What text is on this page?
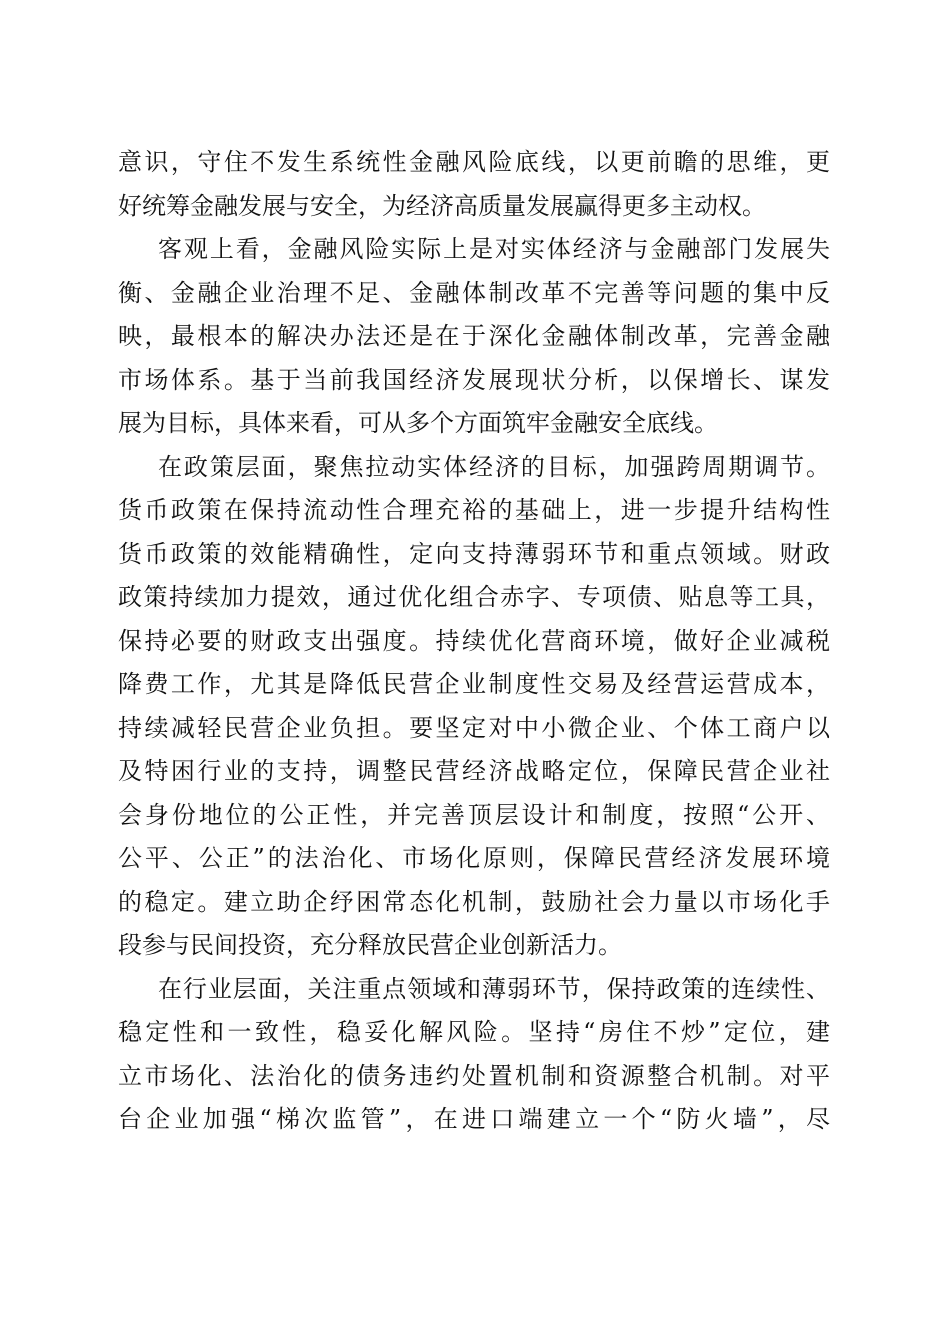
意识，守住不发生系统性金融风险底线，以更前瞻的思维，更
好统筹金融发展与安全，为经济高质量发展赢得更多主动权。
客观上看，金融风险实际上是对实体经济与金融部门发展失
衡、金融企业治理不足、金融体制改革不完善等问题的集中反
映，最根本的解决办法还是在于深化金融体制改革，完善金融
市场体系。基于当前我国经济发展现状分析，以保增长、谋发
展为目标，具体来看，可从多个方面筑牢金融安全底线。
在政策层面，聚焦拉动实体经济的目标，加强跨周期调节。
货币政策在保持流动性合理充裕的基础上，进一步提升结构性
货币政策的效能精确性，定向支持薄弱环节和重点领域。财政
政策持续加力提效，通过优化组合赤字、专项债、贴息等工具，
保持必要的财政支出强度。持续优化营商环境，做好企业减税
降费工作，尤其是降低民营企业制度性交易及经营运营成本，
持续减轻民营企业负担。要坚定对中小微企业、个体工商户以
及特困行业的支持，调整民营经济战略定位，保障民营企业社
会身份地位的公正性，并完善顶层设计和制度，按照“公开、
公平、公正”的法治化、市场化原则，保障民营经济发展环境
的稳定。建立助企纾困常态化机制，鼓励社会力量以市场化手
段参与民间投资，充分释放民营企业创新活力。
在行业层面，关注重点领域和薄弱环节，保持政策的连续性、
稳定性和一致性，稳妥化解风险。坚持“房住不炒”定位，建
立市场化、法治化的债务违约处置机制和资源整合机制。对平
台企业加强“梯次监管”，在进口端建立一个“防火墙”，尽
